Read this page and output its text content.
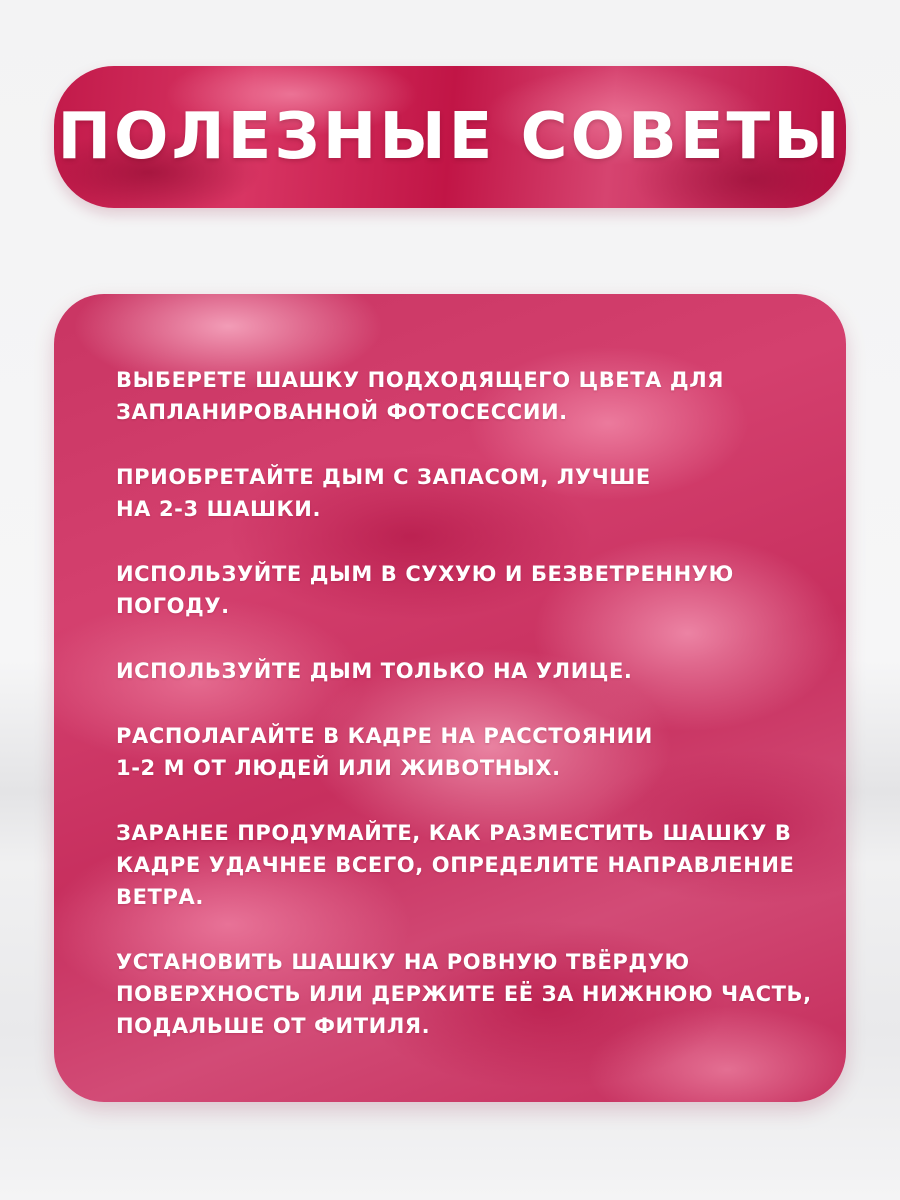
ПОЛЕЗНЫЕ СОВЕТЫ
ВЫБЕРЕТЕ ШАШКУ ПОДХОДЯЩЕГО ЦВЕТА ДЛЯ
ЗАПЛАНИРОВАННОЙ ФОТОСЕССИИ.
ПРИОБРЕТАЙТЕ ДЫМ С ЗАПАСОМ, ЛУЧШЕ
НА 2-3 ШАШКИ.
ИСПОЛЬЗУЙТЕ ДЫМ В СУХУЮ И БЕЗВЕТРЕННУЮ
ПОГОДУ.
ИСПОЛЬЗУЙТЕ ДЫМ ТОЛЬКО НА УЛИЦЕ.
РАСПОЛАГАЙТЕ В КАДРЕ НА РАССТОЯНИИ
1-2 М ОТ ЛЮДЕЙ ИЛИ ЖИВОТНЫХ.
ЗАРАНЕЕ ПРОДУМАЙТЕ, КАК РАЗМЕСТИТЬ ШАШКУ В
КАДРЕ УДАЧНЕЕ ВСЕГО, ОПРЕДЕЛИТЕ НАПРАВЛЕНИЕ
ВЕТРА.
УСТАНОВИТЬ ШАШКУ НА РОВНУЮ ТВЁРДУЮ
ПОВЕРХНОСТЬ ИЛИ ДЕРЖИТЕ ЕЁ ЗА НИЖНЮЮ ЧАСТЬ,
ПОДАЛЬШЕ ОТ ФИТИЛЯ.
